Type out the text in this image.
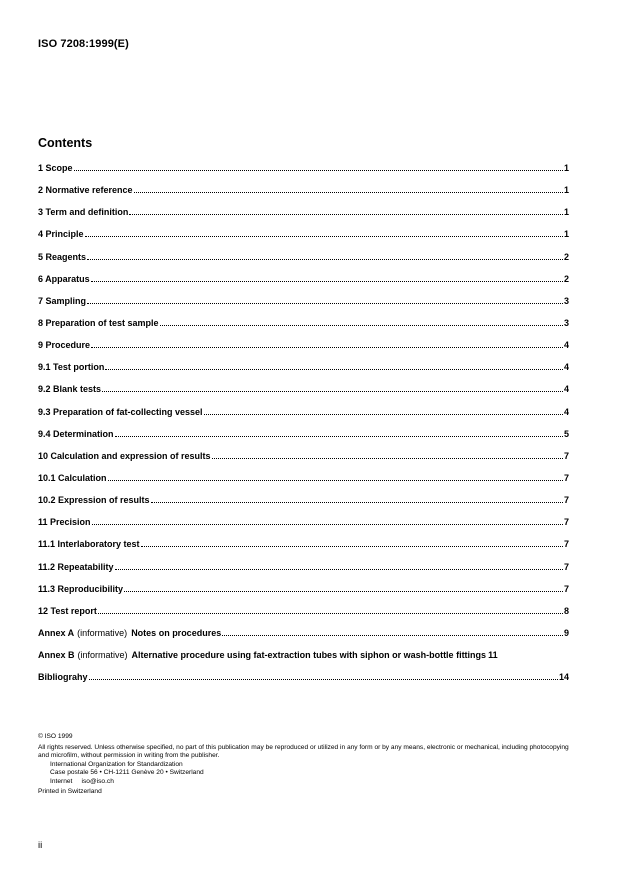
ISO 7208:1999(E)
Contents
1 Scope	1
2 Normative reference	1
3 Term and definition	1
4 Principle	1
5 Reagents	2
6 Apparatus	2
7 Sampling	3
8 Preparation of test sample	3
9 Procedure	4
9.1 Test portion	4
9.2 Blank tests	4
9.3 Preparation of fat-collecting vessel	4
9.4 Determination	5
10 Calculation and expression of results	7
10.1 Calculation	7
10.2 Expression of results	7
11 Precision	7
11.1 Interlaboratory test	7
11.2 Repeatability	7
11.3 Reproducibility	7
12 Test report	8
Annex A (informative) Notes on procedures	9
Annex B (informative) Alternative procedure using fat-extraction tubes with siphon or wash-bottle fittings 11
Bibliograhy	14
© ISO 1999
All rights reserved. Unless otherwise specified, no part of this publication may be reproduced or utilized in any form or by any means, electronic or mechanical, including photocopying and microfilm, without permission in writing from the publisher.
International Organization for Standardization
Case postale 56 • CH-1211 Genève 20 • Switzerland
Internet iso@iso.ch
Printed in Switzerland
ii
